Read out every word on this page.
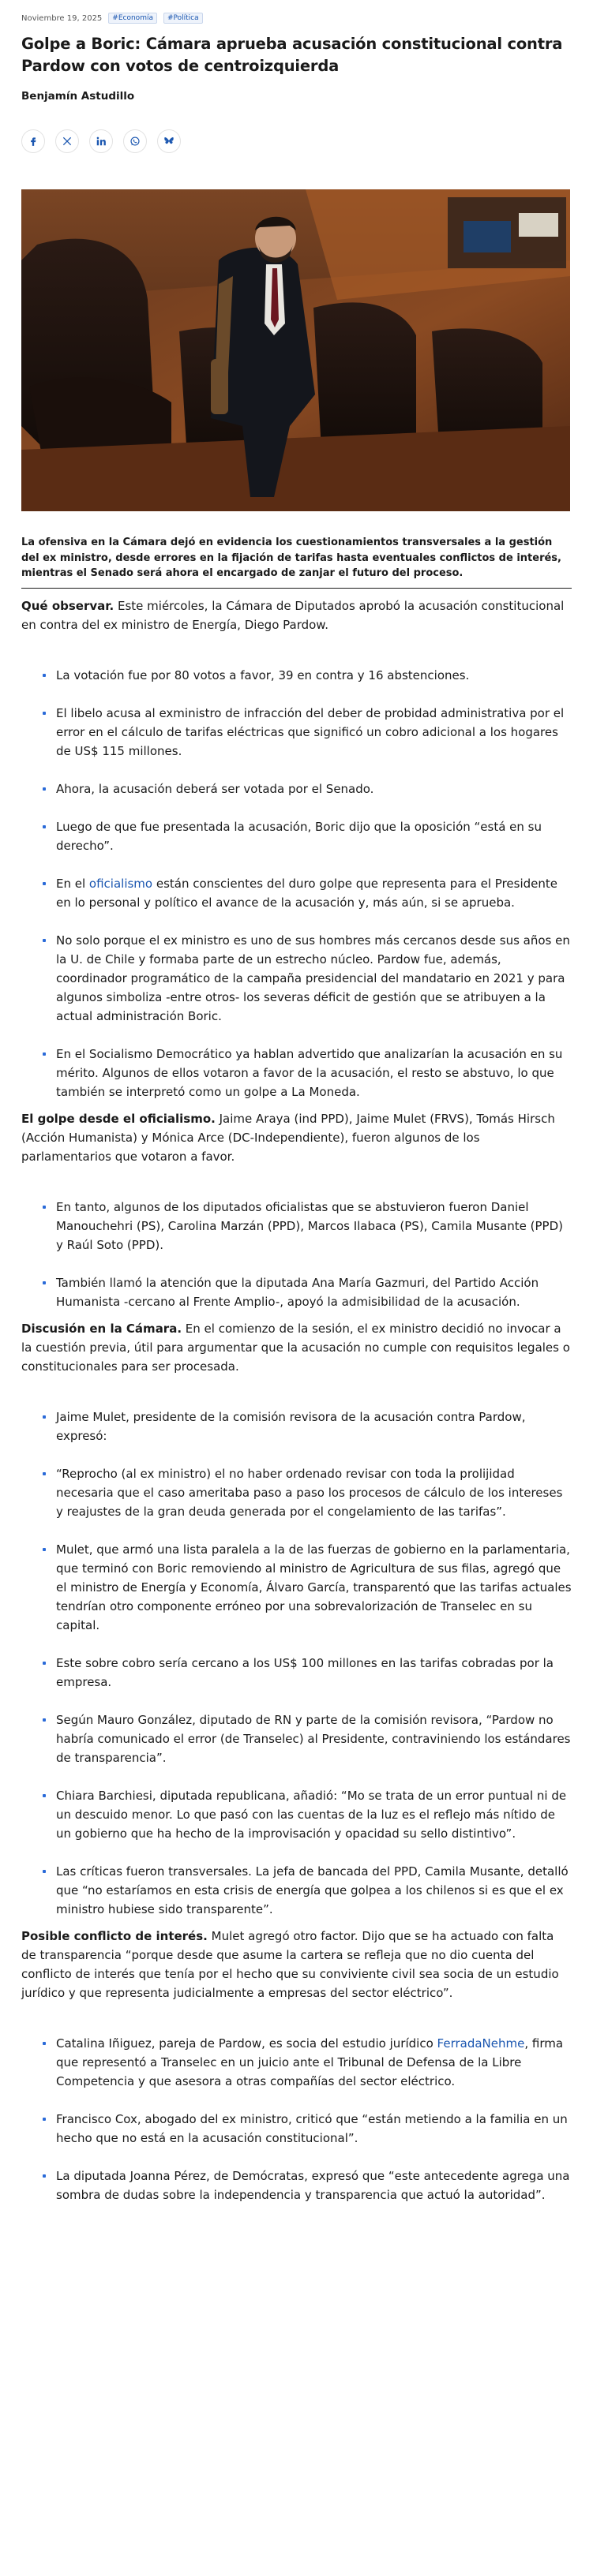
Noviembre 19, 2025	#Economía	#Política
Golpe a Boric: Cámara aprueba acusación constitucional contra Pardow con votos de centroizquierda
Benjamín Astudillo
La ofensiva en la Cámara dejó en evidencia los cuestionamientos transversales a la gestión del ex ministro, desde errores en la fijación de tarifas hasta eventuales conflictos de interés, mientras el Senado será ahora el encargado de zanjar el futuro del proceso.

Qué observar. Este miércoles, la Cámara de Diputados aprobó la acusación constitucional en contra del ex ministro de Energía, Diego Pardow.

La votación fue por 80 votos a favor, 39 en contra y 16 abstenciones.
El libelo acusa al exministro de infracción del deber de probidad administrativa por el error en el cálculo de tarifas eléctricas que significó un cobro adicional a los hogares de US$ 115 millones.
Ahora, la acusación deberá ser votada por el Senado.
Luego de que fue presentada la acusación, Boric dijo que la oposición “está en su derecho”.
En el oficialismo están conscientes del duro golpe que representa para el Presidente en lo personal y político el avance de la acusación y, más aún, si se aprueba.
No solo porque el ex ministro es uno de sus hombres más cercanos desde sus años en la U. de Chile y formaba parte de un estrecho núcleo. Pardow fue, además, coordinador programático de la campaña presidencial del mandatario en 2021 y para algunos simboliza -entre otros- los severas déficit de gestión que se atribuyen a la actual administración Boric.
En el Socialismo Democrático ya hablan advertido que analizarían la acusación en su mérito. Algunos de ellos votaron a favor de la acusación, el resto se abstuvo, lo que también se interpretó como un golpe a La Moneda.

El golpe desde el oficialismo. Jaime Araya (ind PPD), Jaime Mulet (FRVS), Tomás Hirsch (Acción Humanista) y Mónica Arce (DC-Independiente), fueron algunos de los parlamentarios que votaron a favor.

En tanto, algunos de los diputados oficialistas que se abstuvieron fueron Daniel Manouchehri (PS), Carolina Marzán (PPD), Marcos Ilabaca (PS), Camila Musante (PPD) y Raúl Soto (PPD).
También llamó la atención que la diputada Ana María Gazmuri, del Partido Acción Humanista -cercano al Frente Amplio-, apoyó la admisibilidad de la acusación.

Discusión en la Cámara. En el comienzo de la sesión, el ex ministro decidió no invocar a la cuestión previa, útil para argumentar que la acusación no cumple con requisitos legales o constitucionales para ser procesada.

Jaime Mulet, presidente de la comisión revisora de la acusación contra Pardow, expresó:
“Reprocho (al ex ministro) el no haber ordenado revisar con toda la prolijidad necesaria que el caso ameritaba paso a paso los procesos de cálculo de los intereses y reajustes de la gran deuda generada por el congelamiento de las tarifas”.
Mulet, que armó una lista paralela a la de las fuerzas de gobierno en la parlamentaria, que terminó con Boric removiendo al ministro de Agricultura de sus filas, agregó que el ministro de Energía y Economía, Álvaro García, transparentó que las tarifas actuales tendrían otro componente erróneo por una sobrevalorización de Transelec en su capital.
Este sobre cobro sería cercano a los US$ 100 millones en las tarifas cobradas por la empresa.
Según Mauro González, diputado de RN y parte de la comisión revisora, “Pardow no habría comunicado el error (de Transelec) al Presidente, contraviniendo los estándares de transparencia”.
Chiara Barchiesi, diputada republicana, añadió: “Mo se trata de un error puntual ni de un descuido menor. Lo que pasó con las cuentas de la luz es el reflejo más nítido de un gobierno que ha hecho de la improvisación y opacidad su sello distintivo”.
Las críticas fueron transversales. La jefa de bancada del PPD, Camila Musante, detalló que “no estaríamos en esta crisis de energía que golpea a los chilenos si es que el ex ministro hubiese sido transparente”.

Posible conflicto de interés. Mulet agregó otro factor. Dijo que se ha actuado con falta de transparencia “porque desde que asume la cartera se refleja que no dio cuenta del conflicto de interés que tenía por el hecho que su conviviente civil sea socia de un estudio jurídico y que representa judicialmente a empresas del sector eléctrico”.

Catalina Iñiguez, pareja de Pardow, es socia del estudio jurídico FerradaNehme, firma que representó a Transelec en un juicio ante el Tribunal de Defensa de la Libre Competencia y que asesora a otras compañías del sector eléctrico.
Francisco Cox, abogado del ex ministro, criticó que “están metiendo a la familia en un hecho que no está en la acusación constitucional”.
La diputada Joanna Pérez, de Demócratas, expresó que “este antecedente agrega una sombra de dudas sobre la independencia y transparencia que actuó la autoridad”.
